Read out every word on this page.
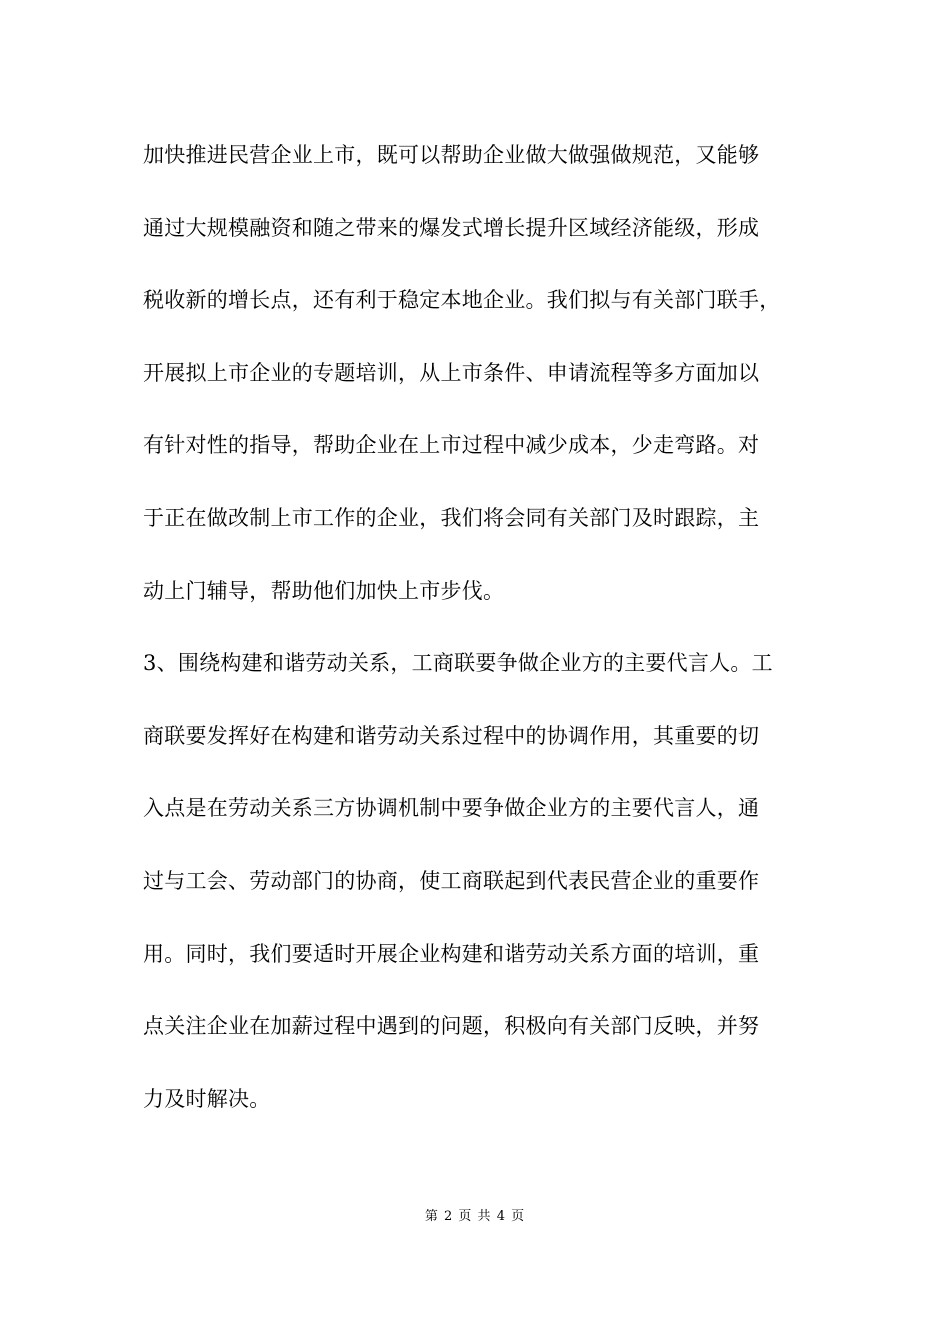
加快推进民营企业上市，既可以帮助企业做大做强做规范，又能够
通过大规模融资和随之带来的爆发式增长提升区域经济能级，形成
税收新的增长点，还有利于稳定本地企业。我们拟与有关部门联手，
开展拟上市企业的专题培训，从上市条件、申请流程等多方面加以
有针对性的指导，帮助企业在上市过程中减少成本，少走弯路。对
于正在做改制上市工作的企业，我们将会同有关部门及时跟踪，主
动上门辅导，帮助他们加快上市步伐。
3、围绕构建和谐劳动关系，工商联要争做企业方的主要代言人。工
商联要发挥好在构建和谐劳动关系过程中的协调作用，其重要的切
入点是在劳动关系三方协调机制中要争做企业方的主要代言人，通
过与工会、劳动部门的协商，使工商联起到代表民营企业的重要作
用。同时，我们要适时开展企业构建和谐劳动关系方面的培训，重
点关注企业在加薪过程中遇到的问题，积极向有关部门反映，并努
力及时解决。
第 2 页 共 4 页
